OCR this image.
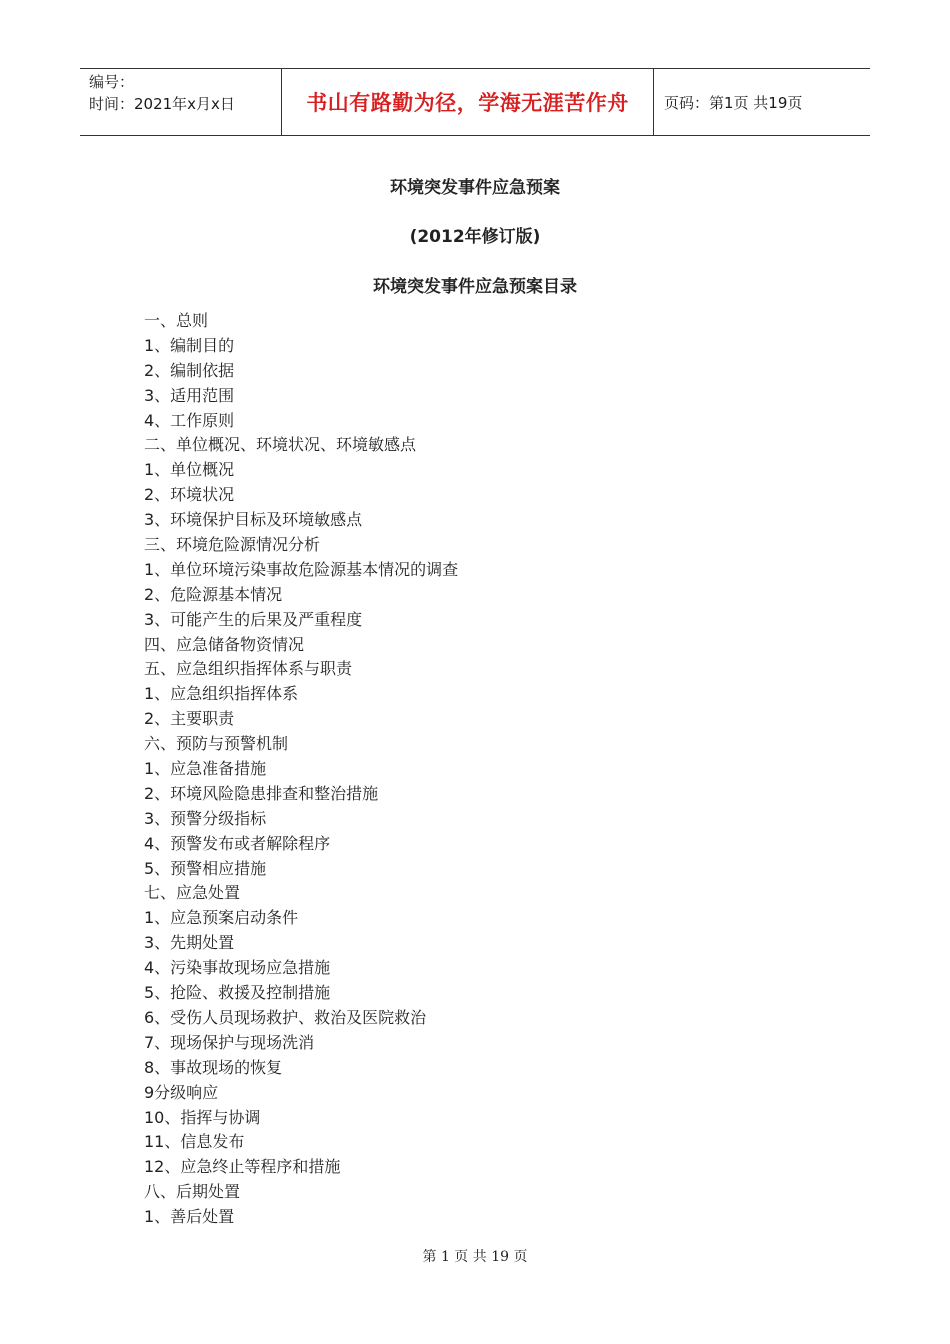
编号：
时间：2021年x月x日	书山有路勤为径，学海无涯苦作舟	页码：第1页 共19页
环境突发事件应急预案
(2012年修订版)
环境突发事件应急预案目录
一、总则
1、编制目的
2、编制依据
3、适用范围
4、工作原则
二、单位概况、环境状况、环境敏感点
1、单位概况
2、环境状况
3、环境保护目标及环境敏感点
三、环境危险源情况分析
1、单位环境污染事故危险源基本情况的调查
2、危险源基本情况
3、可能产生的后果及严重程度
四、应急储备物资情况
五、应急组织指挥体系与职责
1、应急组织指挥体系
2、主要职责
六、预防与预警机制
1、应急准备措施
2、环境风险隐患排查和整治措施
3、预警分级指标
4、预警发布或者解除程序
5、预警相应措施
七、应急处置
1、应急预案启动条件
3、先期处置
4、污染事故现场应急措施
5、抢险、救援及控制措施
6、受伤人员现场救护、救治及医院救治
7、现场保护与现场洗消
8、事故现场的恢复
9分级响应
10、指挥与协调
11、信息发布
12、应急终止等程序和措施
八、后期处置
1、善后处置
第 1 页 共 19 页
